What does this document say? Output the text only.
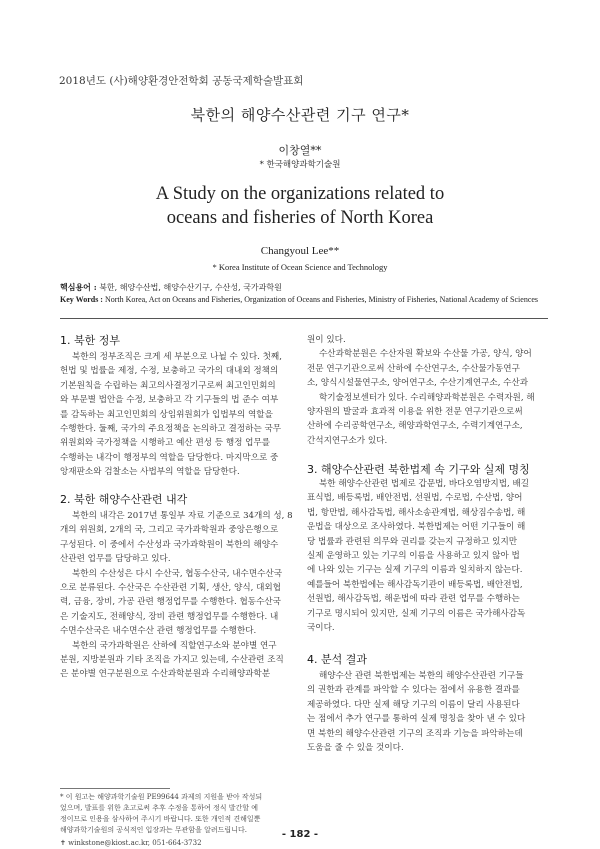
2018년도 (사)해양환경안전학회 공동국제학술발표회
북한의 해양수산관련 기구 연구*
이창열**
* 한국해양과학기술원
A Study on the organizations related to
oceans and fisheries of North Korea
Changyoul Lee**
* Korea Institute of Ocean Science and Technology
핵심용어 : 북한, 해양수산법, 해양수산기구, 수산성, 국가과학원
Key Words : North Korea, Act on Oceans and Fisheries, Organization of Oceans and Fisheries, Ministry of Fisheries, National Academy of Sciences
1. 북한 정부
북한의 정부조직은 크게 세 부분으로 나뉠 수 있다. 첫째,
헌법 및 법률을 제정, 수정, 보충하고 국가의 대내외 정책의
기본원칙을 수립하는 최고의사결정기구로써 최고인민회의
와 부문별 법안을 수정, 보충하고 각 기구들의 법 준수 여부
를 감독하는 최고인민회의 상임위원회가 입법부의 역할을
수행한다. 둘째, 국가의 주요정책을 논의하고 결정하는 국무
위원회와 국가정책을 시행하고 예산 편성 등 행정 업무를
수행하는 내각이 행정부의 역할을 담당한다. 마지막으로 중
앙재판소와 검찰소는 사법부의 역할을 담당한다.
2. 북한 해양수산관련 내각
북한의 내각은 2017년 통일부 자료 기준으로 34개의 성, 8
개의 위원회, 2개의 국, 그리고 국가과학원과 중앙은행으로
구성된다. 이 중에서 수산성과 국가과학원이 북한의 해양수
산관련 업무를 담당하고 있다.
북한의 수산성은 다시 수산국, 협동수산국, 내수면수산국
으로 분류된다. 수산국은 수산관련 기획, 생산, 양식, 대외협
력, 금융, 장비, 가공 관련 행정업무를 수행한다. 협동수산국
은 기술지도, 전해양식, 장비 관련 행정업무를 수행한다. 내
수면수산국은 내수면수산 관련 행정업무를 수행한다.
북한의 국가과학원은 산하에 직할연구소와 분야별 연구
분원, 지방분원과 기타 조직을 가지고 있는데, 수산관련 조직
은 분야별 연구분원으로 수산과학분원과 수리해양과학분
* 이 원고는 해양과학기술원 PE99644 과제의 지원을 받아 작성되
었으며, 발표를 위한 초고로써 추후 수정을 통하여 정식 발간할 예
정이므로 인용을 삼사하여 주시기 바랍니다. 또한 개인적 견해일뿐
해양과학기술원의 공식적인 입장과는 무관함을 알려드립니다.
✝ winkstone@kiost.ac.kr, 051-664-3732
원이 있다.
수산과학분원은 수산자원 확보와 수산물 가공, 양식, 양어
전문 연구기관으로써 산하에 수산연구소, 수산물가동연구
소, 양식시설물연구소, 양어연구소, 수산기계연구소, 수산과
학기술정보센터가 있다. 수리해양과학분원은 수력자원, 해
양자원의 발굴과 효과적 이용을 위한 전문 연구기관으로써
산하에 수리공학연구소, 해양과학연구소, 수력기계연구소,
간석지연구소가 있다.
3. 해양수산관련 북한법제 속 기구와 실제 명칭
북한 해양수산관련 법제로 갑문법, 바다오염방지법, 배길
표식법, 배등록법, 배안전법, 선원법, 수로법, 수산법, 양어
법, 항만법, 해사감독법, 해사소송관계법, 해상짐수송법, 해
운법을 대상으로 조사하였다. 북한법제는 어떤 기구들이 해
당 법률과 관련된 의무와 권리를 갖는지 규정하고 있지만
실제 운영하고 있는 기구의 이름을 사용하고 있지 않아 법
에 나와 있는 기구는 실제 기구의 이름과 일치하지 않는다.
예를들어 북한법에는 해사감독기관이 배등록법, 배안전법,
선원법, 해사감독법, 해운법에 따라 관련 업무를 수행하는
기구로 명시되어 있지만, 실제 기구의 이름은 국가해사감독
국이다.
4. 분석 결과
해양수산 관련 북한법제는 북한의 해양수산관련 기구들
의 권한과 관계를 파악할 수 있다는 점에서 유용한 결과를
제공하였다. 다만 실제 해당 기구의 이름이 달리 사용된다
는 점에서 추가 연구를 통하여 실제 명칭을 찾아 낸 수 있다
면 북한의 해양수산관련 기구의 조직과 기능을 파악하는데
도움을 줄 수 있을 것이다.
- 182 -
